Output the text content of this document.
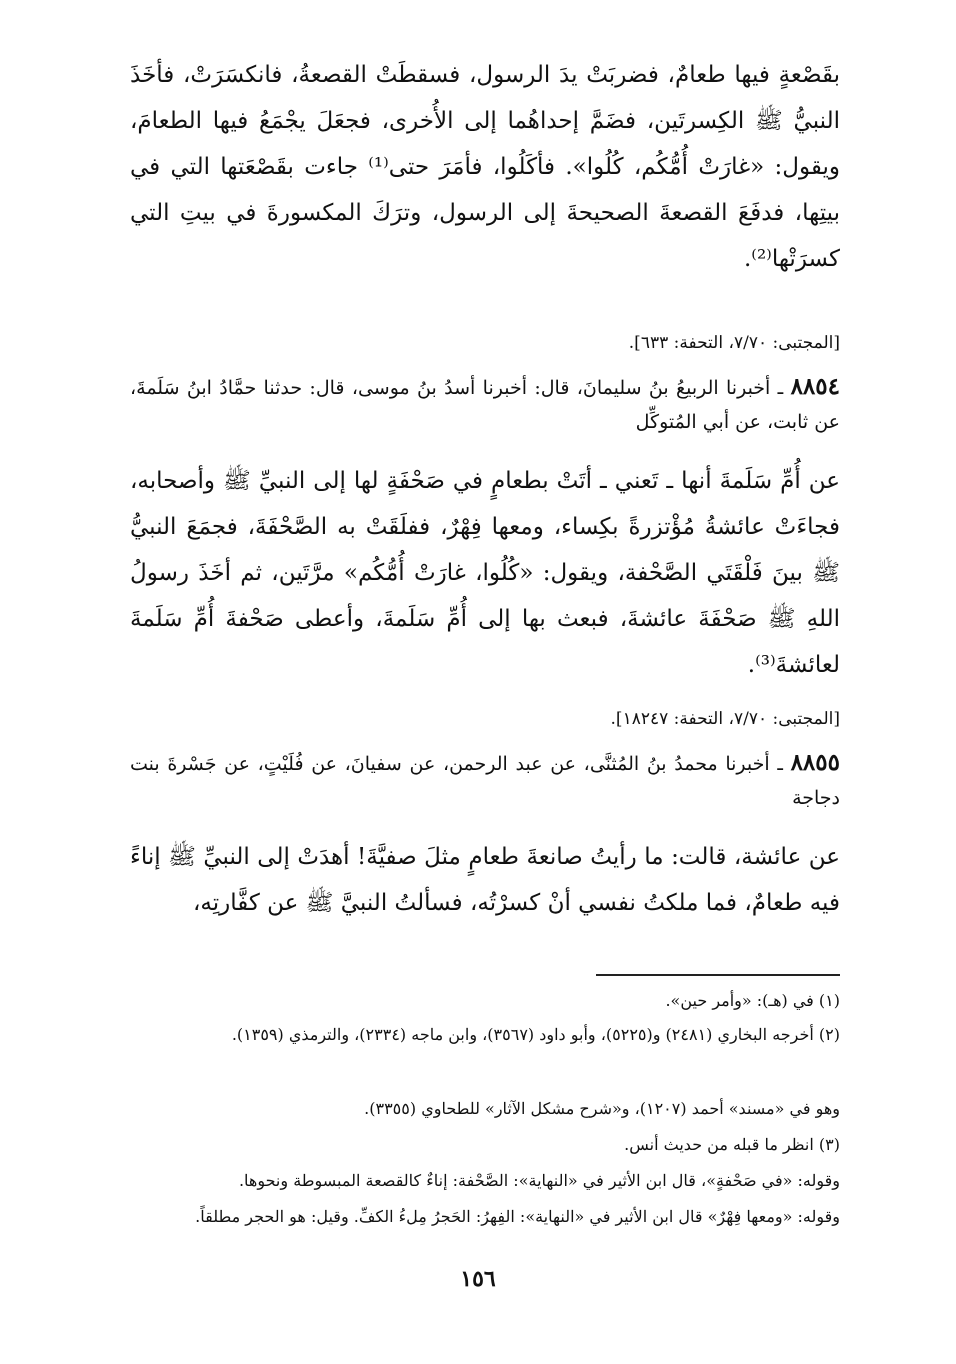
بقَصْعةٍ فيها طعامٌ، فضربَتْ يدَ الرسول، فسقطَتْ القصعةُ، فانكسَرَتْ، فأخَذَ النبيُّ ﷺ الكِسرتَين، فضَمَّ إحداهُما إلى الأُخرى، فجعَلَ يجْمَعُ فيها الطعامَ، ويقول: «غارَتْ أُمُّكُم، كُلُوا». فأكَلُوا، فأمَرَ حتى⁽¹⁾ جاءت بقَصْعَتها التي في بيتِها، فدفَعَ القصعةَ الصحيحةَ إلى الرسول، وترَكَ المكسورةَ في بيتِ التي كسرَتْها⁽²⁾.

[المجتبى: ٧/٧٠، التحفة: ٦٣٣].
٨٨٥٤ ـ أخبرنا الربيعُ بنُ سليمانَ، قال: أخبرنا أسدُ بنُ موسى، قال: حدثنا حمَّادُ ابنُ سَلَمةَ، عن ثابت، عن أبي المُتوكِّل

عن أُمِّ سَلَمةَ أنها ـ تَعني ـ أتَتْ بطعامٍ في صَحْفَةٍ لها إلى النبيِّ ﷺ وأصحابه، فجاءَتْ عائشةُ مُؤْتزرةً بكِساء، ومعها فِهْرٌ، ففلَقَتْ به الصَّحْفَةَ، فجمَعَ النبيُّ ﷺ بينَ فَلْقَتَي الصَّحْفة، ويقول: «كُلُوا، غارَتْ أُمُّكُم» مرَّتَين، ثم أخَذَ رسولُ اللهِ ﷺ صَحْفَةَ عائشةَ، فبعث بها إلى أُمِّ سَلَمةَ، وأعطى صَحْفةَ أُمِّ سَلَمةَ لعائشةَ⁽³⁾.

[المجتبى: ٧/٧٠، التحفة: ١٨٢٤٧].
٨٨٥٥ ـ أخبرنا محمدُ بنُ المُثنَّى، عن عبد الرحمن، عن سفيانَ، عن فُلَيْتٍ، عن جَسْرةَ بنت دجاجة

عن عائشة، قالت: ما رأيتُ صانعةَ طعامٍ مثلَ صفيَّةَ! أهدَتْ إلى النبيِّ ﷺ إناءً فيه طعامٌ، فما ملكتُ نفسي أنْ كسرْتُه، فسألتُ النبيَّ ﷺ عن كفَّارتِه،

(١) في (هـ): «وأمر حين».
(٢) أخرجه البخاري (٢٤٨١) و(٥٢٢٥)، وأبو داود (٣٥٦٧)، وابن ماجه (٢٣٣٤)، والترمذي (١٣٥٩).
وهو في «مسند» أحمد (١٢٠٧)، و«شرح مشكل الآثار» للطحاوي (٣٣٥٥).
(٣) انظر ما قبله من حديث أنس.
وقوله: «في صَحْفةٍ»، قال ابن الأثير في «النهاية»: الصَّحْفة: إناءٌ كالقصعة المبسوطة ونحوها.
وقوله: «ومعها فِهْرٌ» قال ابن الأثير في «النهاية»: الفِهرُ: الحَجرُ مِلءُ الكفِّ. وقيل: هو الحجر مطلقاً.
١٥٦
